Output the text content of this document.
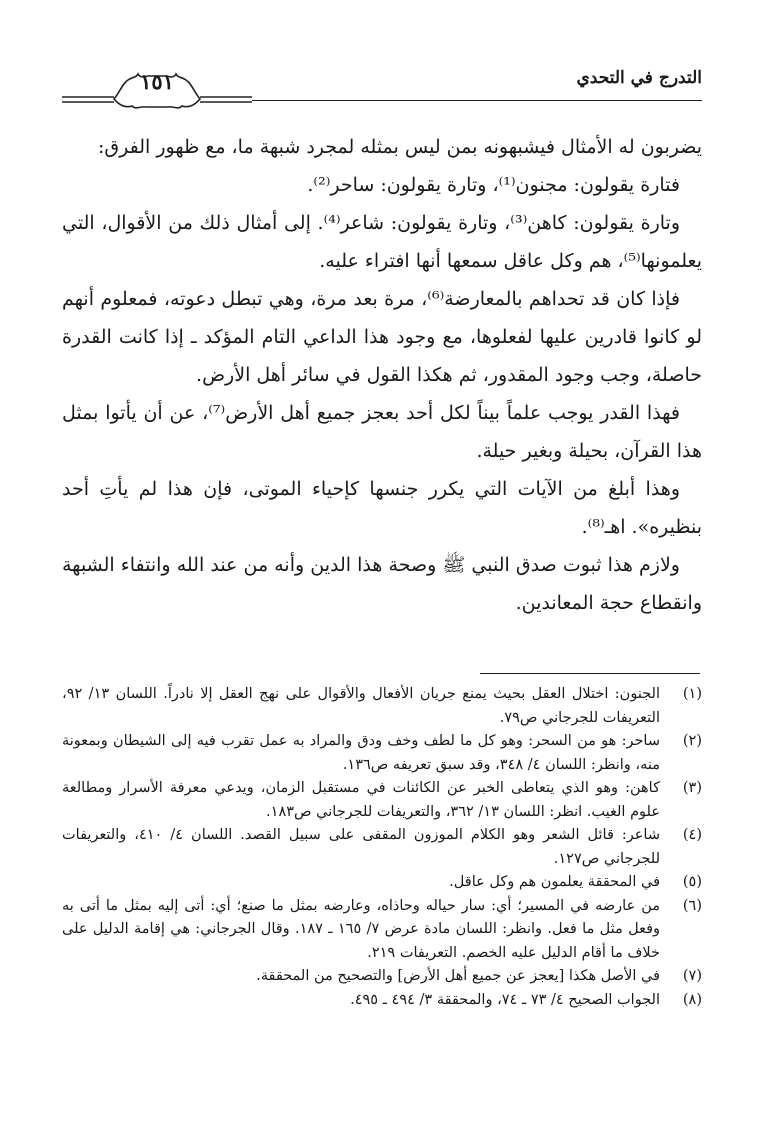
التدرج في التحدي
١٥١

يضربون له الأمثال فيشبهونه بمن ليس بمثله لمجرد شبهة ما، مع ظهور الفرق:

فتارة يقولون: مجنون⁽¹⁾، وتارة يقولون: ساحر⁽²⁾.

وتارة يقولون: كاهن⁽³⁾، وتارة يقولون: شاعر⁽⁴⁾. إلى أمثال ذلك من الأقوال، التي يعلمونها⁽⁵⁾، هم وكل عاقل سمعها أنها افتراء عليه.

فإذا كان قد تحداهم بالمعارضة⁽⁶⁾، مرة بعد مرة، وهي تبطل دعوته، فمعلوم أنهم لو كانوا قادرين عليها لفعلوها، مع وجود هذا الداعي التام المؤكد ـ إذا كانت القدرة حاصلة، وجب وجود المقدور، ثم هكذا القول في سائر أهل الأرض.

فهذا القدر يوجب علماً بيناً لكل أحد بعجز جميع أهل الأرض⁽⁷⁾، عن أن يأتوا بمثل هذا القرآن، بحيلة وبغير حيلة.

وهذا أبلغ من الآيات التي يكرر جنسها كإحياء الموتى، فإن هذا لم يأتِ أحد بنظيره». اهـ⁽⁸⁾.

ولازم هذا ثبوت صدق النبي ﷺ وصحة هذا الدين وأنه من عند الله وانتفاء الشبهة وانقطاع حجة المعاندين.

(١)
الجنون: اختلال العقل بحيث يمنع جريان الأفعال والأقوال على نهج العقل إلا نادراً. اللسان ١٣/ ٩٢، التعريفات للجرجاني ص٧٩.

(٢)
ساحر: هو من السحر: وهو كل ما لطف وخف ودق والمراد به عمل تقرب فيه إلى الشيطان وبمعونة منه، وانظر: اللسان ٤/ ٣٤٨، وقد سبق تعريفه ص١٣٦.

(٣)
كاهن: وهو الذي يتعاطى الخبر عن الكائنات في مستقبل الزمان، ويدعي معرفة الأسرار ومطالعة علوم الغيب. انظر: اللسان ١٣/ ٣٦٢، والتعريفات للجرجاني ص١٨٣.

(٤)
شاعر: قائل الشعر وهو الكلام الموزون المقفى على سبيل القصد. اللسان ٤/ ٤١٠، والتعريفات للجرجاني ص١٢٧.

(٥)
في المحققة يعلمون هم وكل عاقل.

(٦)
من عارضه في المسير؛ أي: سار حياله وحاذاه، وعارضه بمثل ما صنع؛ أي: أتى إليه بمثل ما أتى به وفعل مثل ما فعل. وانظر: اللسان مادة عرض ٧/ ١٦٥ ـ ١٨٧. وقال الجرجاني: هي إقامة الدليل على خلاف ما أقام الدليل عليه الخصم. التعريفات ٢١٩.

(٧)
في الأصل هكذا [يعجز عن جميع أهل الأرض] والتصحيح من المحققة.

(٨)
الجواب الصحيح ٤/ ٧٣ ـ ٧٤، والمحققة ٣/ ٤٩٤ ـ ٤٩٥.
